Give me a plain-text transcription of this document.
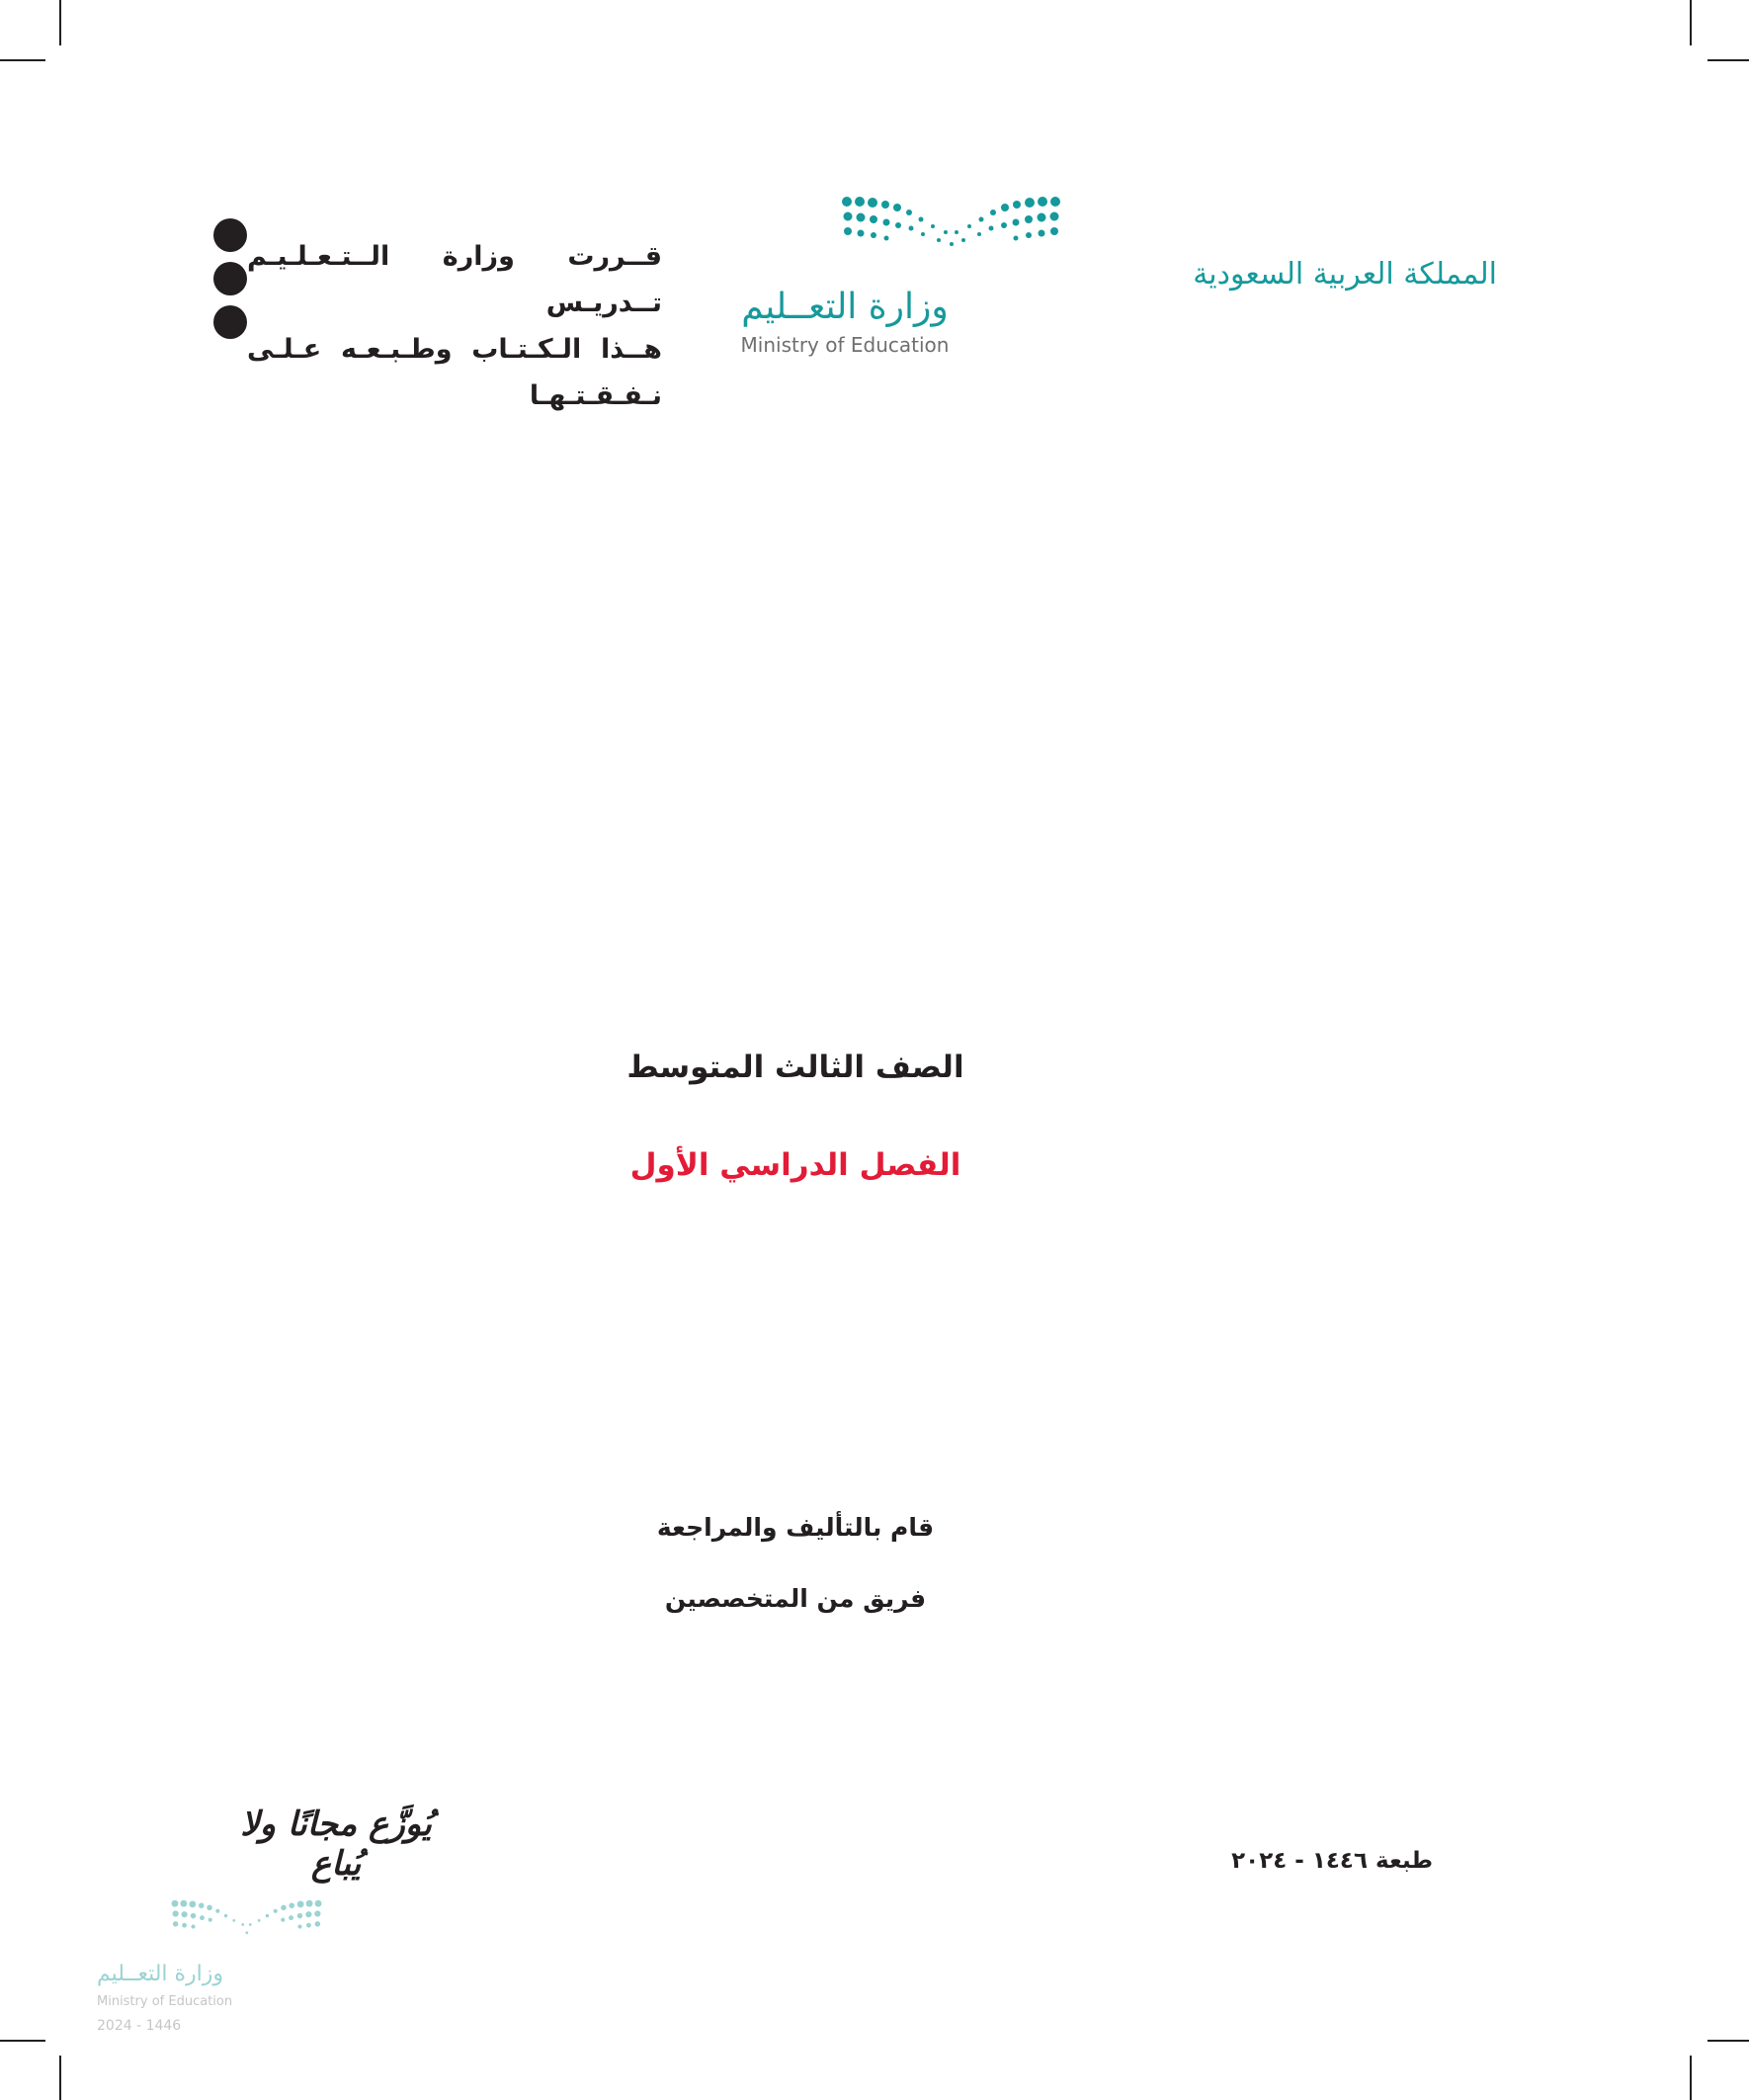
قــررت وزارة الــتـعـلـيـم تــدريـس
هــذا الـكـتـاب وطـبـعـه عـلـى نـفـقـتـهـا
وزارة التعــليم
Ministry of Education
المملكة العربية السعودية
الصف الثالث المتوسط
الفصل الدراسي الأول
قام بالتأليف والمراجعة
فريق من المتخصصين
يُوزَّع مجانًا ولا يُباع	طبعة ١٤٤٦ - ٢٠٢٤
وزارة التعــليم
Ministry of Education
2024 - 1446
